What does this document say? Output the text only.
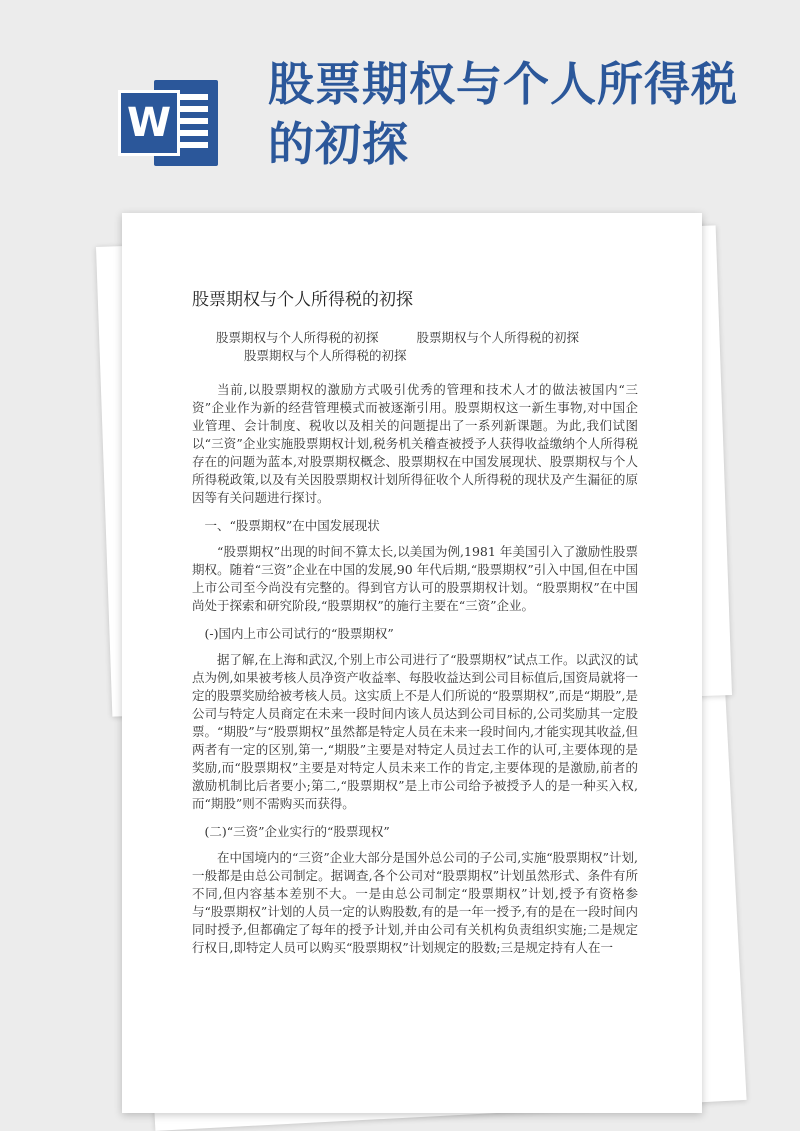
W
股票期权与个人所得税
的初探
股票期权与个人所得税的初探
股票期权与个人所得税的初探	股票期权与个人所得税的初探
股票期权与个人所得税的初探

当前,以股票期权的激励方式吸引优秀的管理和技术人才的做法被国内“三资”企业作为新的经营管理模式而被逐渐引用。股票期权这一新生事物,对中国企业管理、会计制度、税收以及相关的问题提出了一系列新课题。为此,我们试图以“三资”企业实施股票期权计划,税务机关稽查被授予人获得收益缴纳个人所得税存在的问题为蓝本,对股票期权概念、股票期权在中国发展现状、股票期权与个人所得税政策,以及有关因股票期权计划所得征收个人所得税的现状及产生漏征的原因等有关问题进行探讨。

一、“股票期权”在中国发展现状

“股票期权”出现的时间不算太长,以美国为例,1981 年美国引入了激励性股票期权。随着“三资”企业在中国的发展,90 年代后期,“股票期权”引入中国,但在中国上市公司至今尚没有完整的。得到官方认可的股票期权计划。“股票期权”在中国尚处于探索和研究阶段,“股票期权”的施行主要在“三资”企业。

(-)国内上市公司试行的“股票期权”

据了解,在上海和武汉,个别上市公司进行了“股票期权”试点工作。以武汉的试点为例,如果被考核人员净资产收益率、每股收益达到公司目标值后,国资局就将一定的股票奖励给被考核人员。这实质上不是人们所说的“股票期权”,而是“期股”,是公司与特定人员商定在未来一段时间内该人员达到公司目标的,公司奖励其一定股票。“期股”与“股票期权”虽然都是特定人员在未来一段时间内,才能实现其收益,但两者有一定的区别,第一,“期股”主要是对特定人员过去工作的认可,主要体现的是奖励,而“股票期权”主要是对特定人员未来工作的肯定,主要体现的是激励,前者的激励机制比后者要小;第二,“股票期权”是上市公司给予被授予人的是一种买入权,而“期股”则不需购买而获得。

(二)“三资”企业实行的“股票现权”

在中国境内的“三资”企业大部分是国外总公司的子公司,实施“股票期权”计划,一般都是由总公司制定。据调查,各个公司对“股票期权”计划虽然形式、条件有所不同,但内容基本差别不大。一是由总公司制定“股票期权”计划,授予有资格参与“股票期权”计划的人员一定的认购股数,有的是一年一授予,有的是在一段时间内同时授予,但都确定了每年的授予计划,并由公司有关机构负责组织实施;二是规定行权日,即特定人员可以购买“股票期权”计划规定的股数;三是规定持有人在一
